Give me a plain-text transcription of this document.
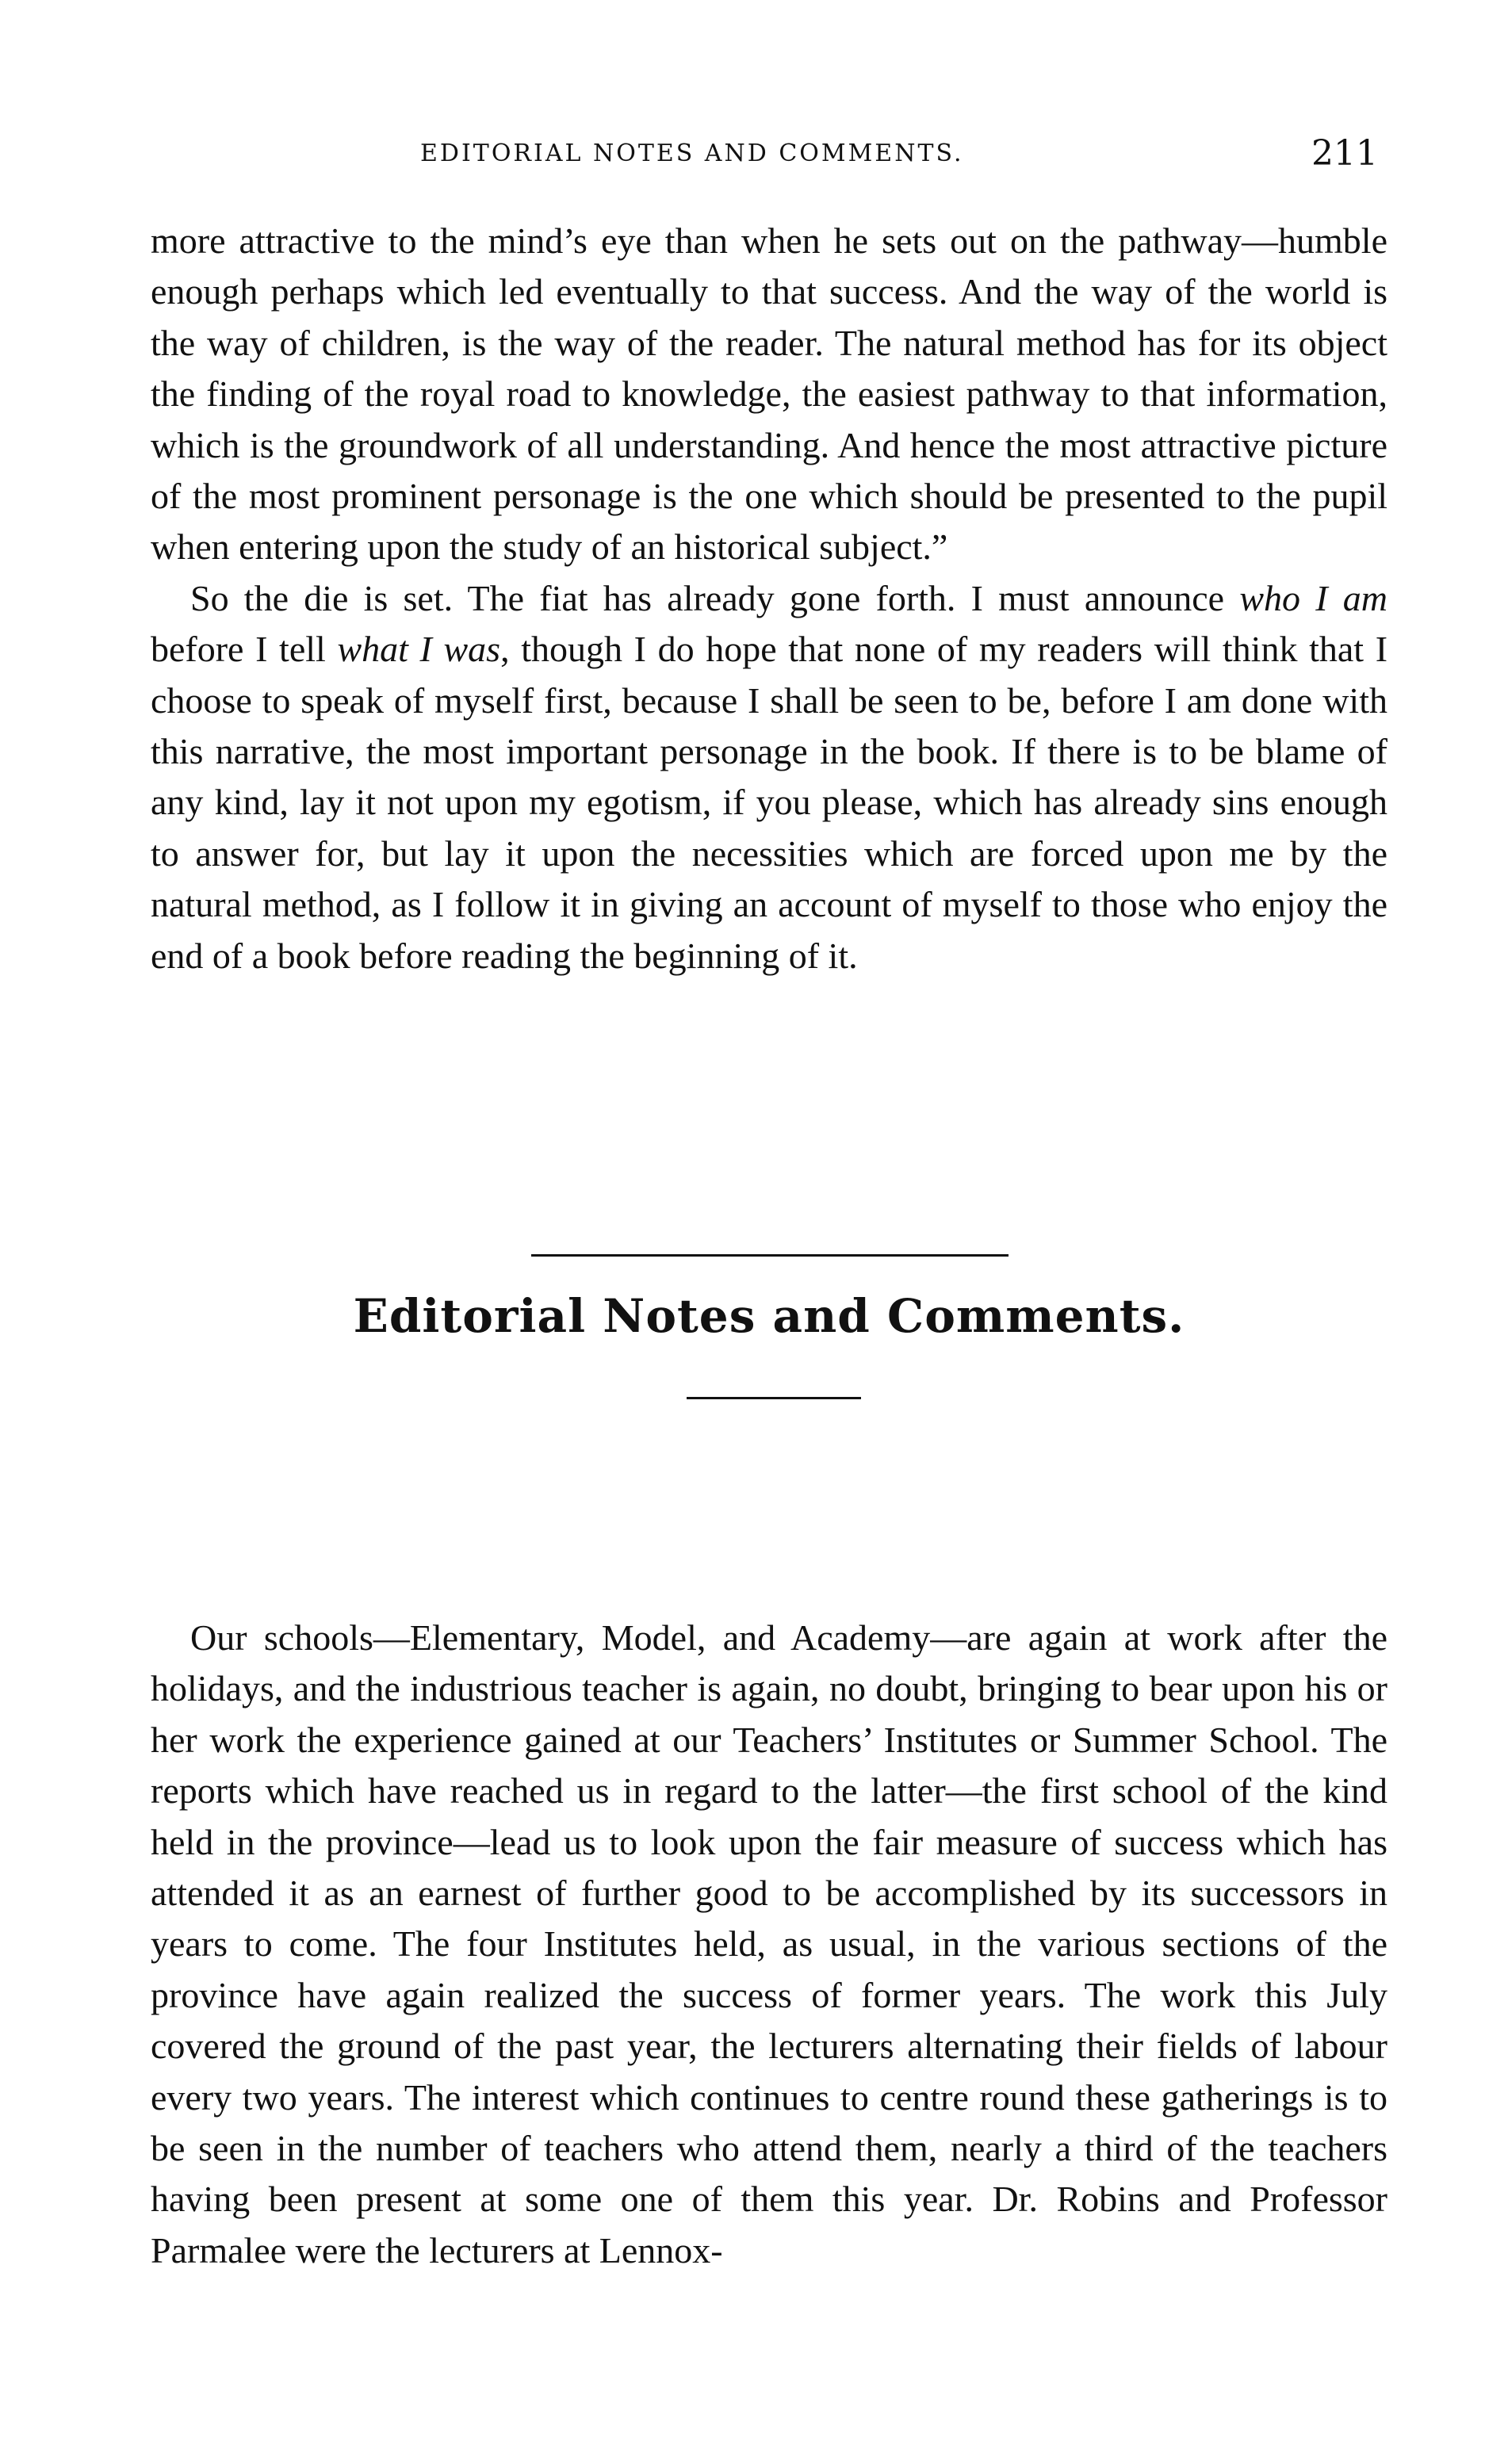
EDITORIAL NOTES AND COMMENTS.	211

more attractive to the mind’s eye than when he sets out on the pathway—humble enough perhaps which led eventually to that success. And the way of the world is the way of children, is the way of the reader. The natural method has for its object the finding of the royal road to knowledge, the easiest pathway to that information, which is the groundwork of all understanding. And hence the most attractive picture of the most prominent personage is the one which should be presented to the pupil when entering upon the study of an historical subject.”

So the die is set. The fiat has already gone forth. I must announce who I am before I tell what I was, though I do hope that none of my readers will think that I choose to speak of myself first, because I shall be seen to be, before I am done with this narrative, the most important personage in the book. If there is to be blame of any kind, lay it not upon my egotism, if you please, which has already sins enough to answer for, but lay it upon the necessities which are forced upon me by the natural method, as I follow it in giving an account of myself to those who enjoy the end of a book before reading the beginning of it.

Editorial Notes and Comments.

Our schools—Elementary, Model, and Academy—are again at work after the holidays, and the industrious teacher is again, no doubt, bringing to bear upon his or her work the experience gained at our Teachers’ Institutes or Summer School. The reports which have reached us in regard to the latter—the first school of the kind held in the province—lead us to look upon the fair measure of success which has attended it as an earnest of further good to be accomplished by its successors in years to come. The four Institutes held, as usual, in the various sections of the province have again realized the success of former years. The work this July covered the ground of the past year, the lecturers alternating their fields of labour every two years. The interest which continues to centre round these gatherings is to be seen in the number of teachers who attend them, nearly a third of the teachers having been present at some one of them this year. Dr. Robins and Professor Parmalee were the lecturers at Lennox-
